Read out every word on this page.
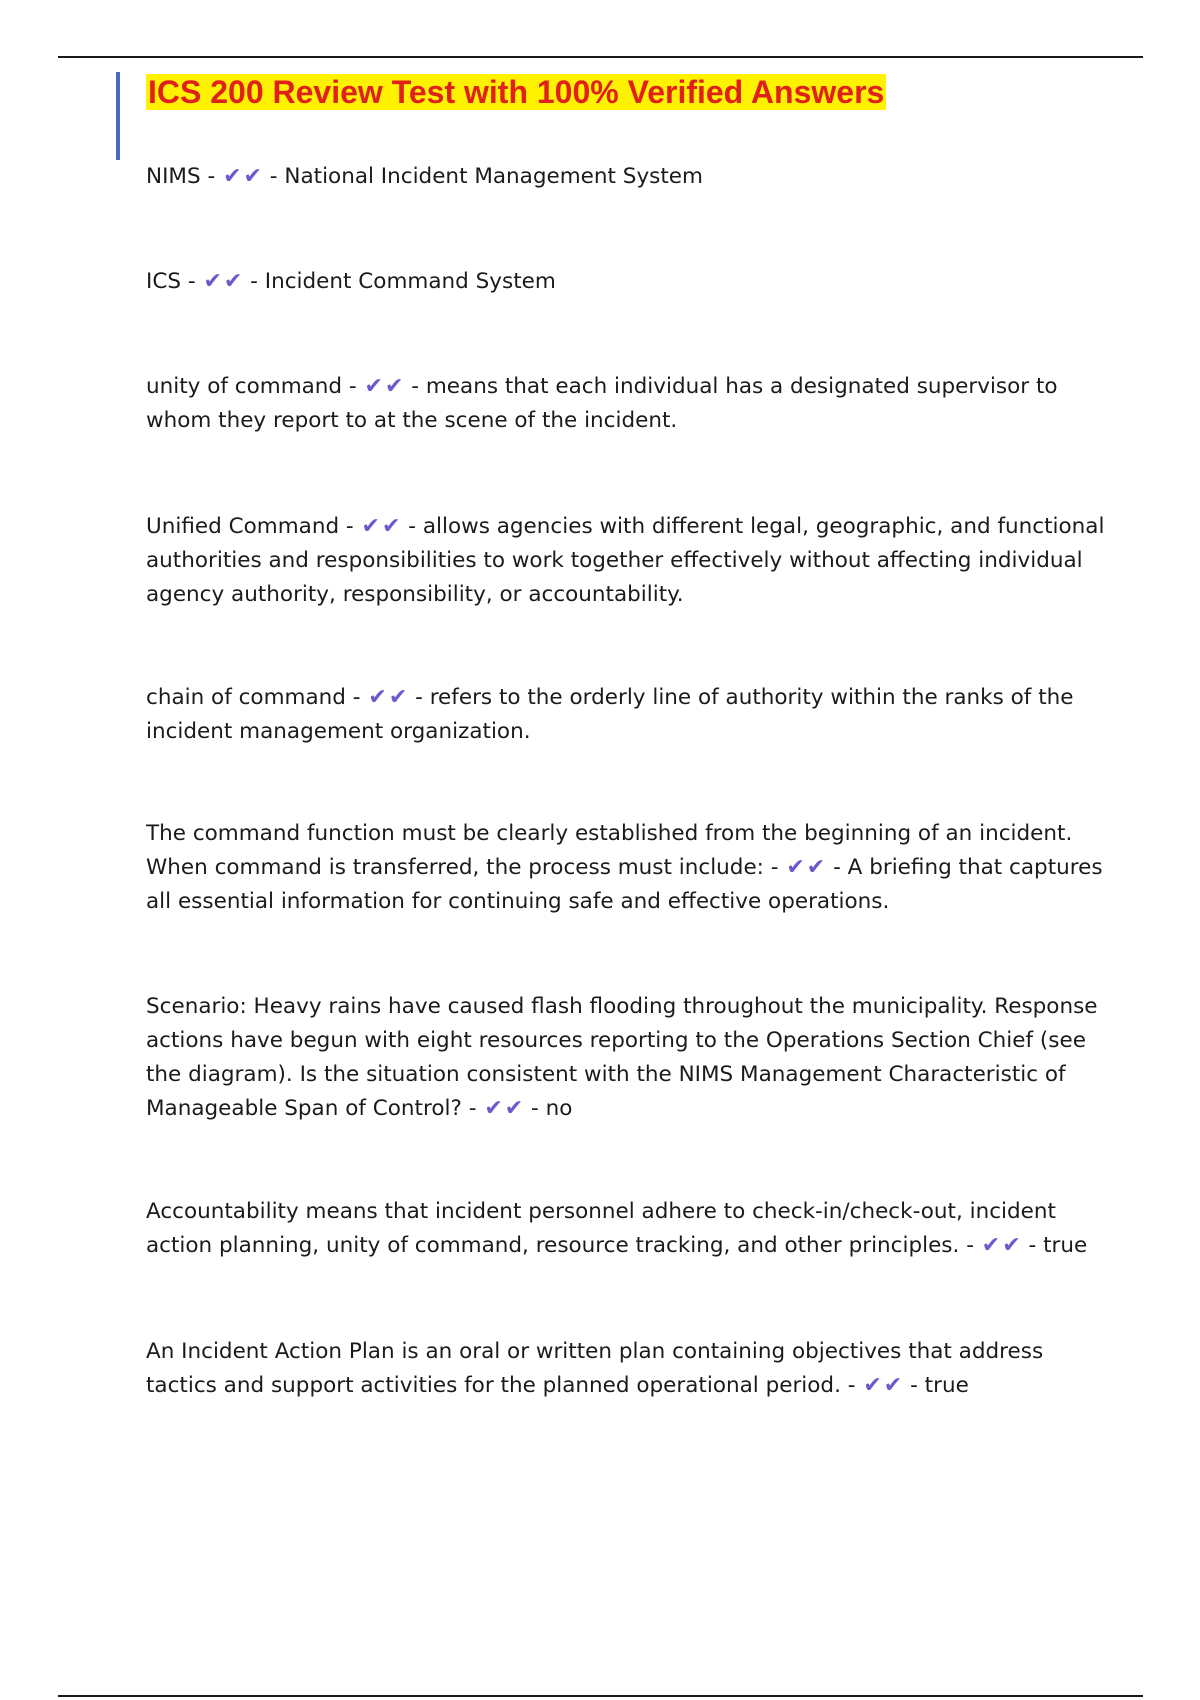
ICS 200 Review Test with 100% Verified Answers

NIMS - ✔✔ - National Incident Management System

ICS - ✔✔ - Incident Command System

unity of command - ✔✔ - means that each individual has a designated supervisor to whom they report to at the scene of the incident.

Unified Command - ✔✔ - allows agencies with different legal, geographic, and functional authorities and responsibilities to work together effectively without affecting individual agency authority, responsibility, or accountability.

chain of command - ✔✔ - refers to the orderly line of authority within the ranks of the incident management organization.

The command function must be clearly established from the beginning of an incident. When command is transferred, the process must include: - ✔✔ - A briefing that captures all essential information for continuing safe and effective operations.

Scenario: Heavy rains have caused flash flooding throughout the municipality. Response actions have begun with eight resources reporting to the Operations Section Chief (see the diagram). Is the situation consistent with the NIMS Management Characteristic of Manageable Span of Control? - ✔✔ - no

Accountability means that incident personnel adhere to check-in/check-out, incident action planning, unity of command, resource tracking, and other principles. - ✔✔ - true

An Incident Action Plan is an oral or written plan containing objectives that address tactics and support activities for the planned operational period. - ✔✔ - true
